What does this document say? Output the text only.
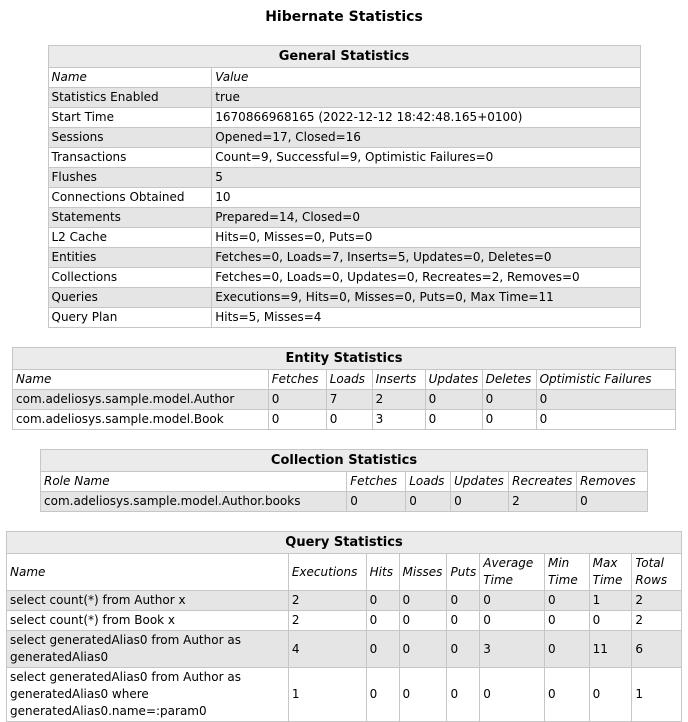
Hibernate Statistics
General Statistics	
Name	Value
Statistics Enabled	true
Start Time	1670866968165 (2022-12-12 18:42:48.165+0100)
Sessions	Opened=17, Closed=16
Transactions	Count=9, Successful=9, Optimistic Failures=0
Flushes	5
Connections Obtained	10
Statements	Prepared=14, Closed=0
L2 Cache	Hits=0, Misses=0, Puts=0
Entities	Fetches=0, Loads=7, Inserts=5, Updates=0, Deletes=0
Collections	Fetches=0, Loads=0, Updates=0, Recreates=2, Removes=0
Queries	Executions=9, Hits=0, Misses=0, Puts=0, Max Time=11
Query Plan	Hits=5, Misses=4
Entity Statistics						
Name	Fetches	Loads	Inserts	Updates	Deletes	Optimistic Failures
com.adeliosys.sample.model.Author	0	7	2	0	0	0
com.adeliosys.sample.model.Book	0	0	3	0	0	0
Collection Statistics					
Role Name	Fetches	Loads	Updates	Recreates	Removes
com.adeliosys.sample.model.Author.books	0	0	0	2	0
Query Statistics								
Name	Executions	Hits	Misses	Puts	Average Time	Min Time	Max Time	Total Rows
select count(*) from Author x	2	0	0	0	0	0	1	2
select count(*) from Book x	2	0	0	0	0	0	0	2
select generatedAlias0 from Author as generatedAlias0	4	0	0	0	3	0	11	6
select generatedAlias0 from Author as generatedAlias0 where generatedAlias0.name=:param0	1	0	0	0	0	0	0	1
